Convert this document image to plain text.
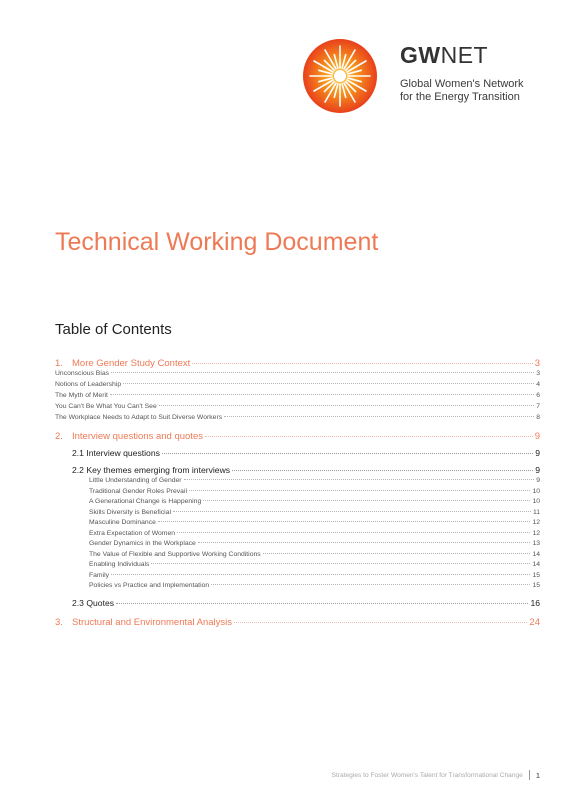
GWNET
Global Women's Network
for the Energy Transition
Technical Working Document
Table of Contents
1. More Gender Study Context	3
Unconscious Bias	3
Notions of Leadership	4
The Myth of Merit	6
You Can't Be What You Can't See	7
The Workplace Needs to Adapt to Suit Diverse Workers	8
2. Interview questions and quotes	9
2.1 Interview questions	9
2.2 Key themes emerging from interviews	9
Little Understanding of Gender	9
Traditional Gender Roles Prevail	10
A Generational Change is Happening	10
Skills Diversity is Beneficial	11
Masculine Dominance	12
Extra Expectation of Women	12
Gender Dynamics in the Workplace	13
The Value of Flexible and Supportive Working Conditions	14
Enabling Individuals	14
Family	15
Policies vs Practice and Implementation	15
2.3 Quotes	16
3. Structural and Environmental Analysis	24
Strategies to Foster Women's Talent for Transformational Change 1
